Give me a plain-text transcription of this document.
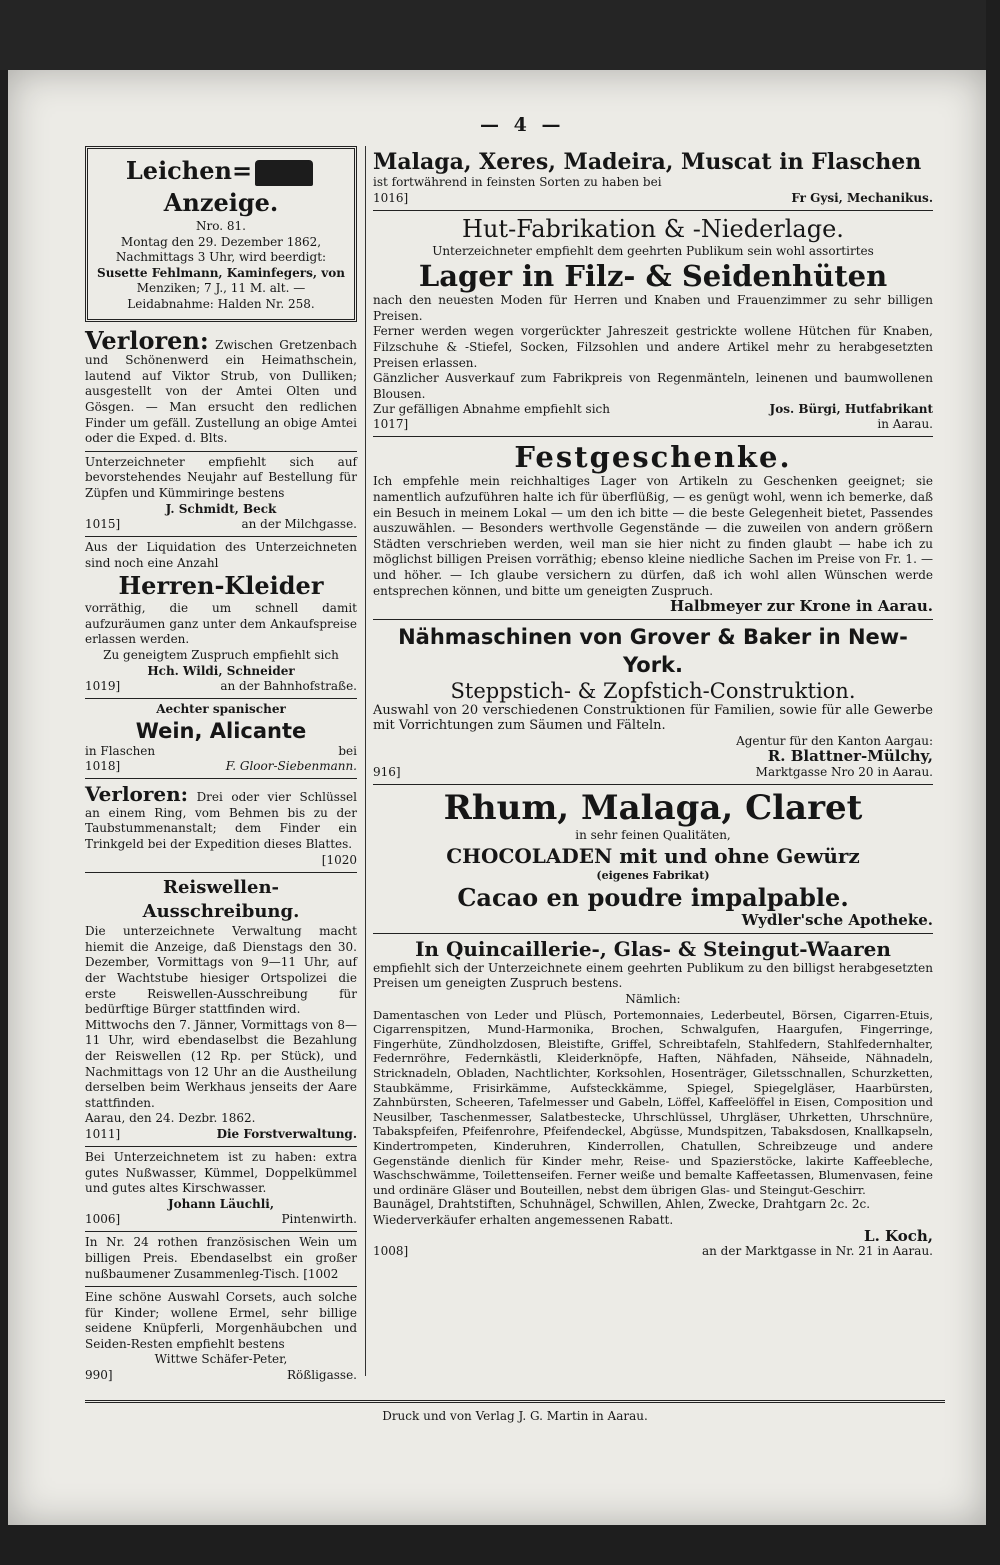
— 4 —
Leichen=Anzeige.

Nro. 81.

Montag den 29. Dezember 1862,

Nachmittags 3 Uhr, wird beerdigt:

Susette Fehlmann, Kaminfegers, von

Menziken; 7 J., 11 M. alt. —

Leidabnahme: Halden Nr. 258.

Verloren: Zwischen Gretzenbach und Schönenwerd ein Heimathschein, lautend auf Viktor Strub, von Dulliken; ausgestellt von der Amtei Olten und Gösgen. — Man ersucht den redlichen Finder um gefäll. Zustellung an obige Amtei oder die Exped. d. Blts.

Unterzeichneter empfiehlt sich auf bevorstehendes Neujahr auf Bestellung für Züpfen und Kümmiringe bestens

J. Schmidt, Beck

1015]	an der Milchgasse.

Aus der Liquidation des Unterzeichneten sind noch eine Anzahl

Herren-Kleider

vorräthig, die um schnell damit aufzuräumen ganz unter dem Ankaufspreise erlassen werden.

Zu geneigtem Zuspruch empfiehlt sich

Hch. Wildi, Schneider

1019]	an der Bahnhofstraße.

Aechter spanischer

Wein, Alicante
in Flaschen	bei
1018]	F. Gloor-Siebenmann.

Verloren: Drei oder vier Schlüssel an einem Ring, vom Behmen bis zu der Taubstummenanstalt; dem Finder ein Trinkgeld bei der Expedition dieses Blattes.

[1020

Reiswellen-Ausschreibung.

Die unterzeichnete Verwaltung macht hiemit die Anzeige, daß Dienstags den 30. Dezember, Vormittags von 9—11 Uhr, auf der Wachtstube hiesiger Ortspolizei die erste Reiswellen-Ausschreibung für bedürftige Bürger stattfinden wird.

Mittwochs den 7. Jänner, Vormittags von 8—11 Uhr, wird ebendaselbst die Bezahlung der Reiswellen (12 Rp. per Stück), und Nachmittags von 12 Uhr an die Austheilung derselben beim Werkhaus jenseits der Aare stattfinden.

Aarau, den 24. Dezbr. 1862.

1011]	Die Forstverwaltung.

Bei Unterzeichnetem ist zu haben: extra gutes Nußwasser, Kümmel, Doppelkümmel und gutes altes Kirschwasser.

Johann Läuchli,

1006]	Pintenwirth.

In Nr. 24 rothen französischen Wein um billigen Preis. Ebendaselbst ein großer nußbaumener Zusammenleg-Tisch. [1002

Eine schöne Auswahl Corsets, auch solche für Kinder; wollene Ermel, sehr billige seidene Knüpferli, Morgenhäubchen und Seiden-Resten empfiehlt bestens

Wittwe Schäfer-Peter,

990]	Rößligasse.
Malaga, Xeres, Madeira, Muscat in Flaschen

ist fortwährend in feinsten Sorten zu haben bei

1016]	Fr Gysi, Mechanikus.
Hut-Fabrikation & -Niederlage.

Unterzeichneter empfiehlt dem geehrten Publikum sein wohl assortirtes

Lager in Filz- & Seidenhüten

nach den neuesten Moden für Herren und Knaben und Frauenzimmer zu sehr billigen Preisen.

Ferner werden wegen vorgerückter Jahreszeit gestrickte wollene Hütchen für Knaben, Filzschuhe & -Stiefel, Socken, Filzsohlen und andere Artikel mehr zu herabgesetzten Preisen erlassen.

Gänzlicher Ausverkauf zum Fabrikpreis von Regenmänteln, leinenen und baumwollenen Blousen.

Zur gefälligen Abnahme empfiehlt sich	Jos. Bürgi, Hutfabrikant
1017]	in Aarau.
Festgeschenke.

Ich empfehle mein reichhaltiges Lager von Artikeln zu Geschenken geeignet; sie namentlich aufzuführen halte ich für überflüßig, — es genügt wohl, wenn ich bemerke, daß ein Besuch in meinem Lokal — um den ich bitte — die beste Gelegenheit bietet, Passendes auszuwählen. — Besonders werthvolle Gegenstände — die zuweilen von andern größern Städten verschrieben werden, weil man sie hier nicht zu finden glaubt — habe ich zu möglichst billigen Preisen vorräthig; ebenso kleine niedliche Sachen im Preise von Fr. 1. — und höher. — Ich glaube versichern zu dürfen, daß ich wohl allen Wünschen werde entsprechen können, und bitte um geneigten Zuspruch.

Halbmeyer zur Krone in Aarau.

Nähmaschinen von Grover & Baker in New-York.
Steppstich- & Zopfstich-Construktion.

Auswahl von 20 verschiedenen Construktionen für Familien, sowie für alle Gewerbe mit Vorrichtungen zum Säumen und Fälteln.

Agentur für den Kanton Aargau:

R. Blattner-Mülchy,

916]	Marktgasse Nro 20 in Aarau.
Rhum, Malaga, Claret

in sehr feinen Qualitäten,

CHOCOLADEN mit und ohne Gewürz

(eigenes Fabrikat)

Cacao en poudre impalpable.

Wydler'sche Apotheke.

In Quincaillerie-, Glas- & Steingut-Waaren

empfiehlt sich der Unterzeichnete einem geehrten Publikum zu den billigst herabgesetzten Preisen um geneigten Zuspruch bestens.

Nämlich:

Damentaschen von Leder und Plüsch, Portemonnaies, Lederbeutel, Börsen, Cigarren-Etuis, Cigarrenspitzen, Mund-Harmonika, Brochen, Schwalgufen, Haargufen, Fingerringe, Fingerhüte, Zündholzdosen, Bleistifte, Griffel, Schreibtafeln, Stahlfedern, Stahlfedernhalter, Federnröhre, Federnkästli, Kleiderknöpfe, Haften, Nähfaden, Nähseide, Nähnadeln, Stricknadeln, Obladen, Nachtlichter, Korksohlen, Hosenträger, Giletsschnallen, Schurzketten, Staubkämme, Frisirkämme, Aufsteckkämme, Spiegel, Spiegelgläser, Haarbürsten, Zahnbürsten, Scheeren, Tafelmesser und Gabeln, Löffel, Kaffeelöffel in Eisen, Composition und Neusilber, Taschenmesser, Salatbestecke, Uhrschlüssel, Uhrgläser, Uhrketten, Uhrschnüre, Tabakspfeifen, Pfeifenrohre, Pfeifendeckel, Abgüsse, Mundspitzen, Tabaksdosen, Knallkapseln, Kindertrompeten, Kinderuhren, Kinderrollen, Chatullen, Schreibzeuge und andere Gegenstände dienlich für Kinder mehr, Reise- und Spazierstöcke, lakirte Kaffeebleche, Waschschwämme, Toilettenseifen. Ferner weiße und bemalte Kaffeetassen, Blumenvasen, feine und ordinäre Gläser und Bouteillen, nebst dem übrigen Glas- und Steingut-Geschirr.

Baunägel, Drahtstiften, Schuhnägel, Schwillen, Ahlen, Zwecke, Drahtgarn 2c. 2c.

Wiederverkäufer erhalten angemessenen Rabatt.

L. Koch,

1008]	an der Marktgasse in Nr. 21 in Aarau.
Druck und von Verlag J. G. Martin in Aarau.
